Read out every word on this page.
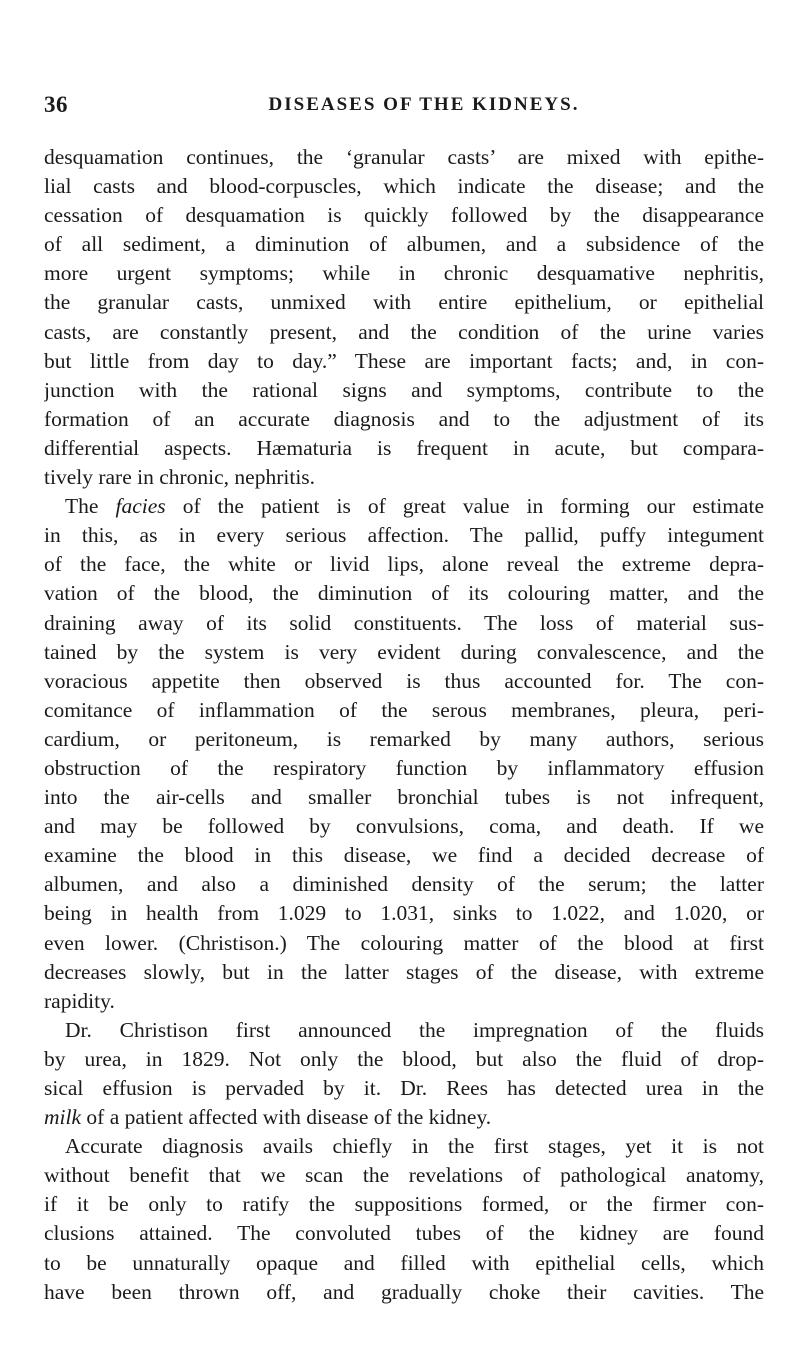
36	DISEASES OF THE KIDNEYS.
desquamation continues, the ‘granular casts’ are mixed with epithe-
lial casts and blood-corpuscles, which indicate the disease; and the
cessation of desquamation is quickly followed by the disappearance
of all sediment, a diminution of albumen, and a subsidence of the
more urgent symptoms; while in chronic desquamative nephritis,
the granular casts, unmixed with entire epithelium, or epithelial
casts, are constantly present, and the condition of the urine varies
but little from day to day.” These are important facts; and, in con-
junction with the rational signs and symptoms, contribute to the
formation of an accurate diagnosis and to the adjustment of its
differential aspects. Hæmaturia is frequent in acute, but compara-
tively rare in chronic, nephritis.
The facies of the patient is of great value in forming our estimate
in this, as in every serious affection. The pallid, puffy integument
of the face, the white or livid lips, alone reveal the extreme depra-
vation of the blood, the diminution of its colouring matter, and the
draining away of its solid constituents. The loss of material sus-
tained by the system is very evident during convalescence, and the
voracious appetite then observed is thus accounted for. The con-
comitance of inflammation of the serous membranes, pleura, peri-
cardium, or peritoneum, is remarked by many authors, serious
obstruction of the respiratory function by inflammatory effusion
into the air-cells and smaller bronchial tubes is not infrequent,
and may be followed by convulsions, coma, and death. If we
examine the blood in this disease, we find a decided decrease of
albumen, and also a diminished density of the serum; the latter
being in health from 1.029 to 1.031, sinks to 1.022, and 1.020, or
even lower. (Christison.) The colouring matter of the blood at first
decreases slowly, but in the latter stages of the disease, with extreme
rapidity.
Dr. Christison first announced the impregnation of the fluids
by urea, in 1829. Not only the blood, but also the fluid of drop-
sical effusion is pervaded by it. Dr. Rees has detected urea in the
milk of a patient affected with disease of the kidney.
Accurate diagnosis avails chiefly in the first stages, yet it is not
without benefit that we scan the revelations of pathological anatomy,
if it be only to ratify the suppositions formed, or the firmer con-
clusions attained. The convoluted tubes of the kidney are found
to be unnaturally opaque and filled with epithelial cells, which
have been thrown off, and gradually choke their cavities. The
